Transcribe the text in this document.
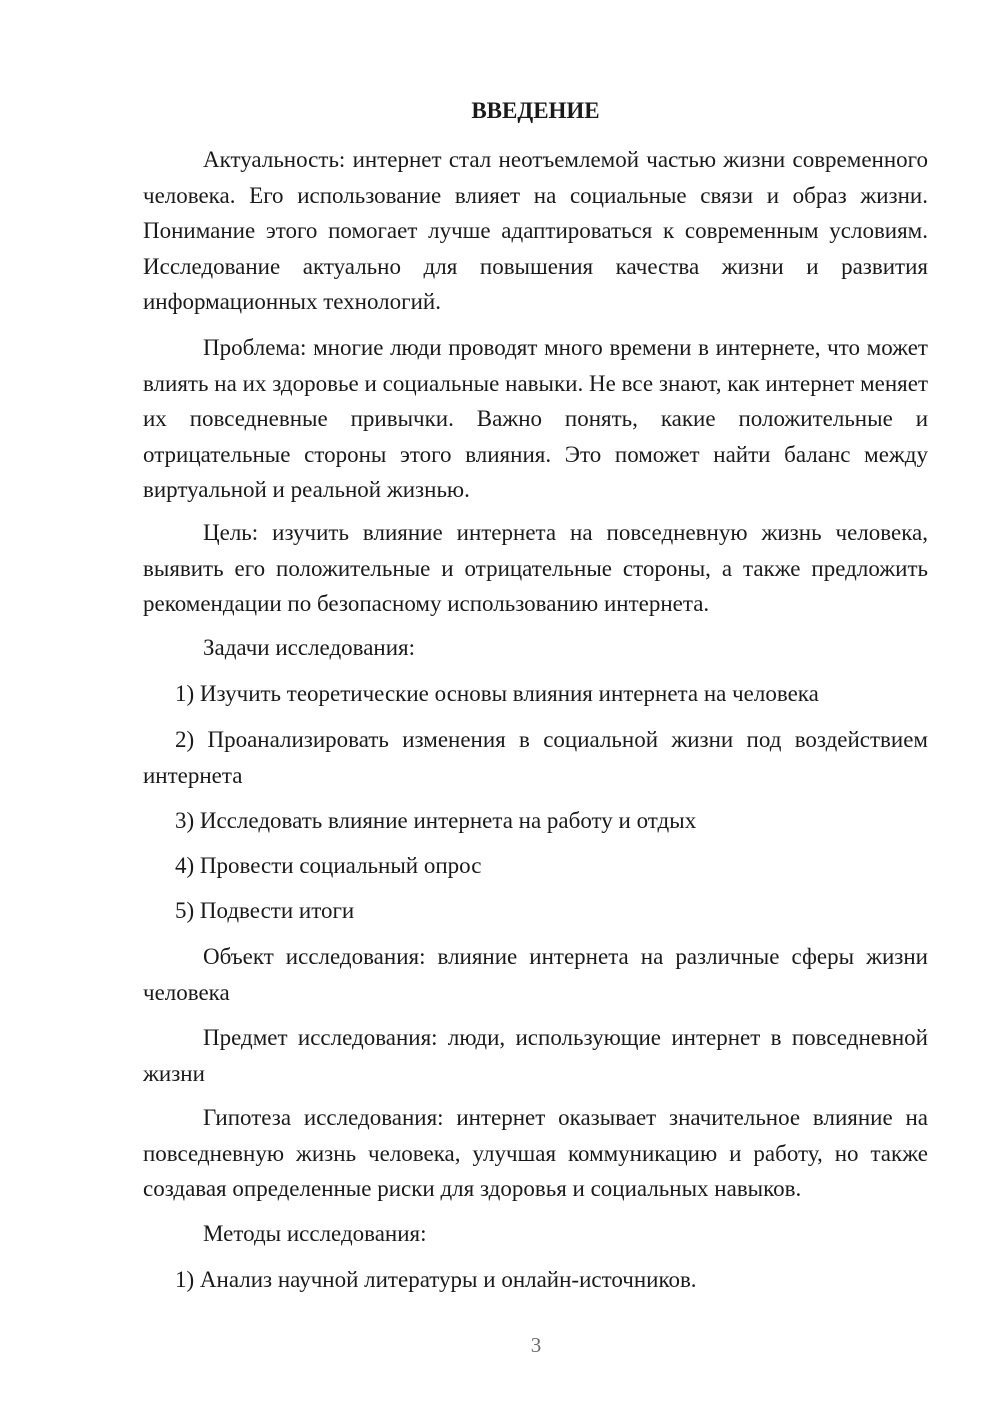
ВВЕДЕНИЕ

Актуальность: интернет стал неотъемлемой частью жизни современного человека. Его использование влияет на социальные связи и образ жизни. Понимание этого помогает лучше адаптироваться к современным условиям. Исследование актуально для повышения качества жизни и развития информационных технологий.

Проблема: многие люди проводят много времени в интернете, что может влиять на их здоровье и социальные навыки. Не все знают, как интернет меняет их повседневные привычки. Важно понять, какие положительные и отрицательные стороны этого влияния. Это поможет найти баланс между виртуальной и реальной жизнью.

Цель: изучить влияние интернета на повседневную жизнь человека, выявить его положительные и отрицательные стороны, а также предложить рекомендации по безопасному использованию интернета.

Задачи исследования:

1) Изучить теоретические основы влияния интернета на человека

2) Проанализировать изменения в социальной жизни под воздействием интернета

3) Исследовать влияние интернета на работу и отдых

4) Провести социальный опрос

5) Подвести итоги

Объект исследования: влияние интернета на различные сферы жизни человека

Предмет исследования: люди, использующие интернет в повседневной жизни

Гипотеза исследования: интернет оказывает значительное влияние на повседневную жизнь человека, улучшая коммуникацию и работу, но также создавая определенные риски для здоровья и социальных навыков.

Методы исследования:

1) Анализ научной литературы и онлайн-источников.

3
